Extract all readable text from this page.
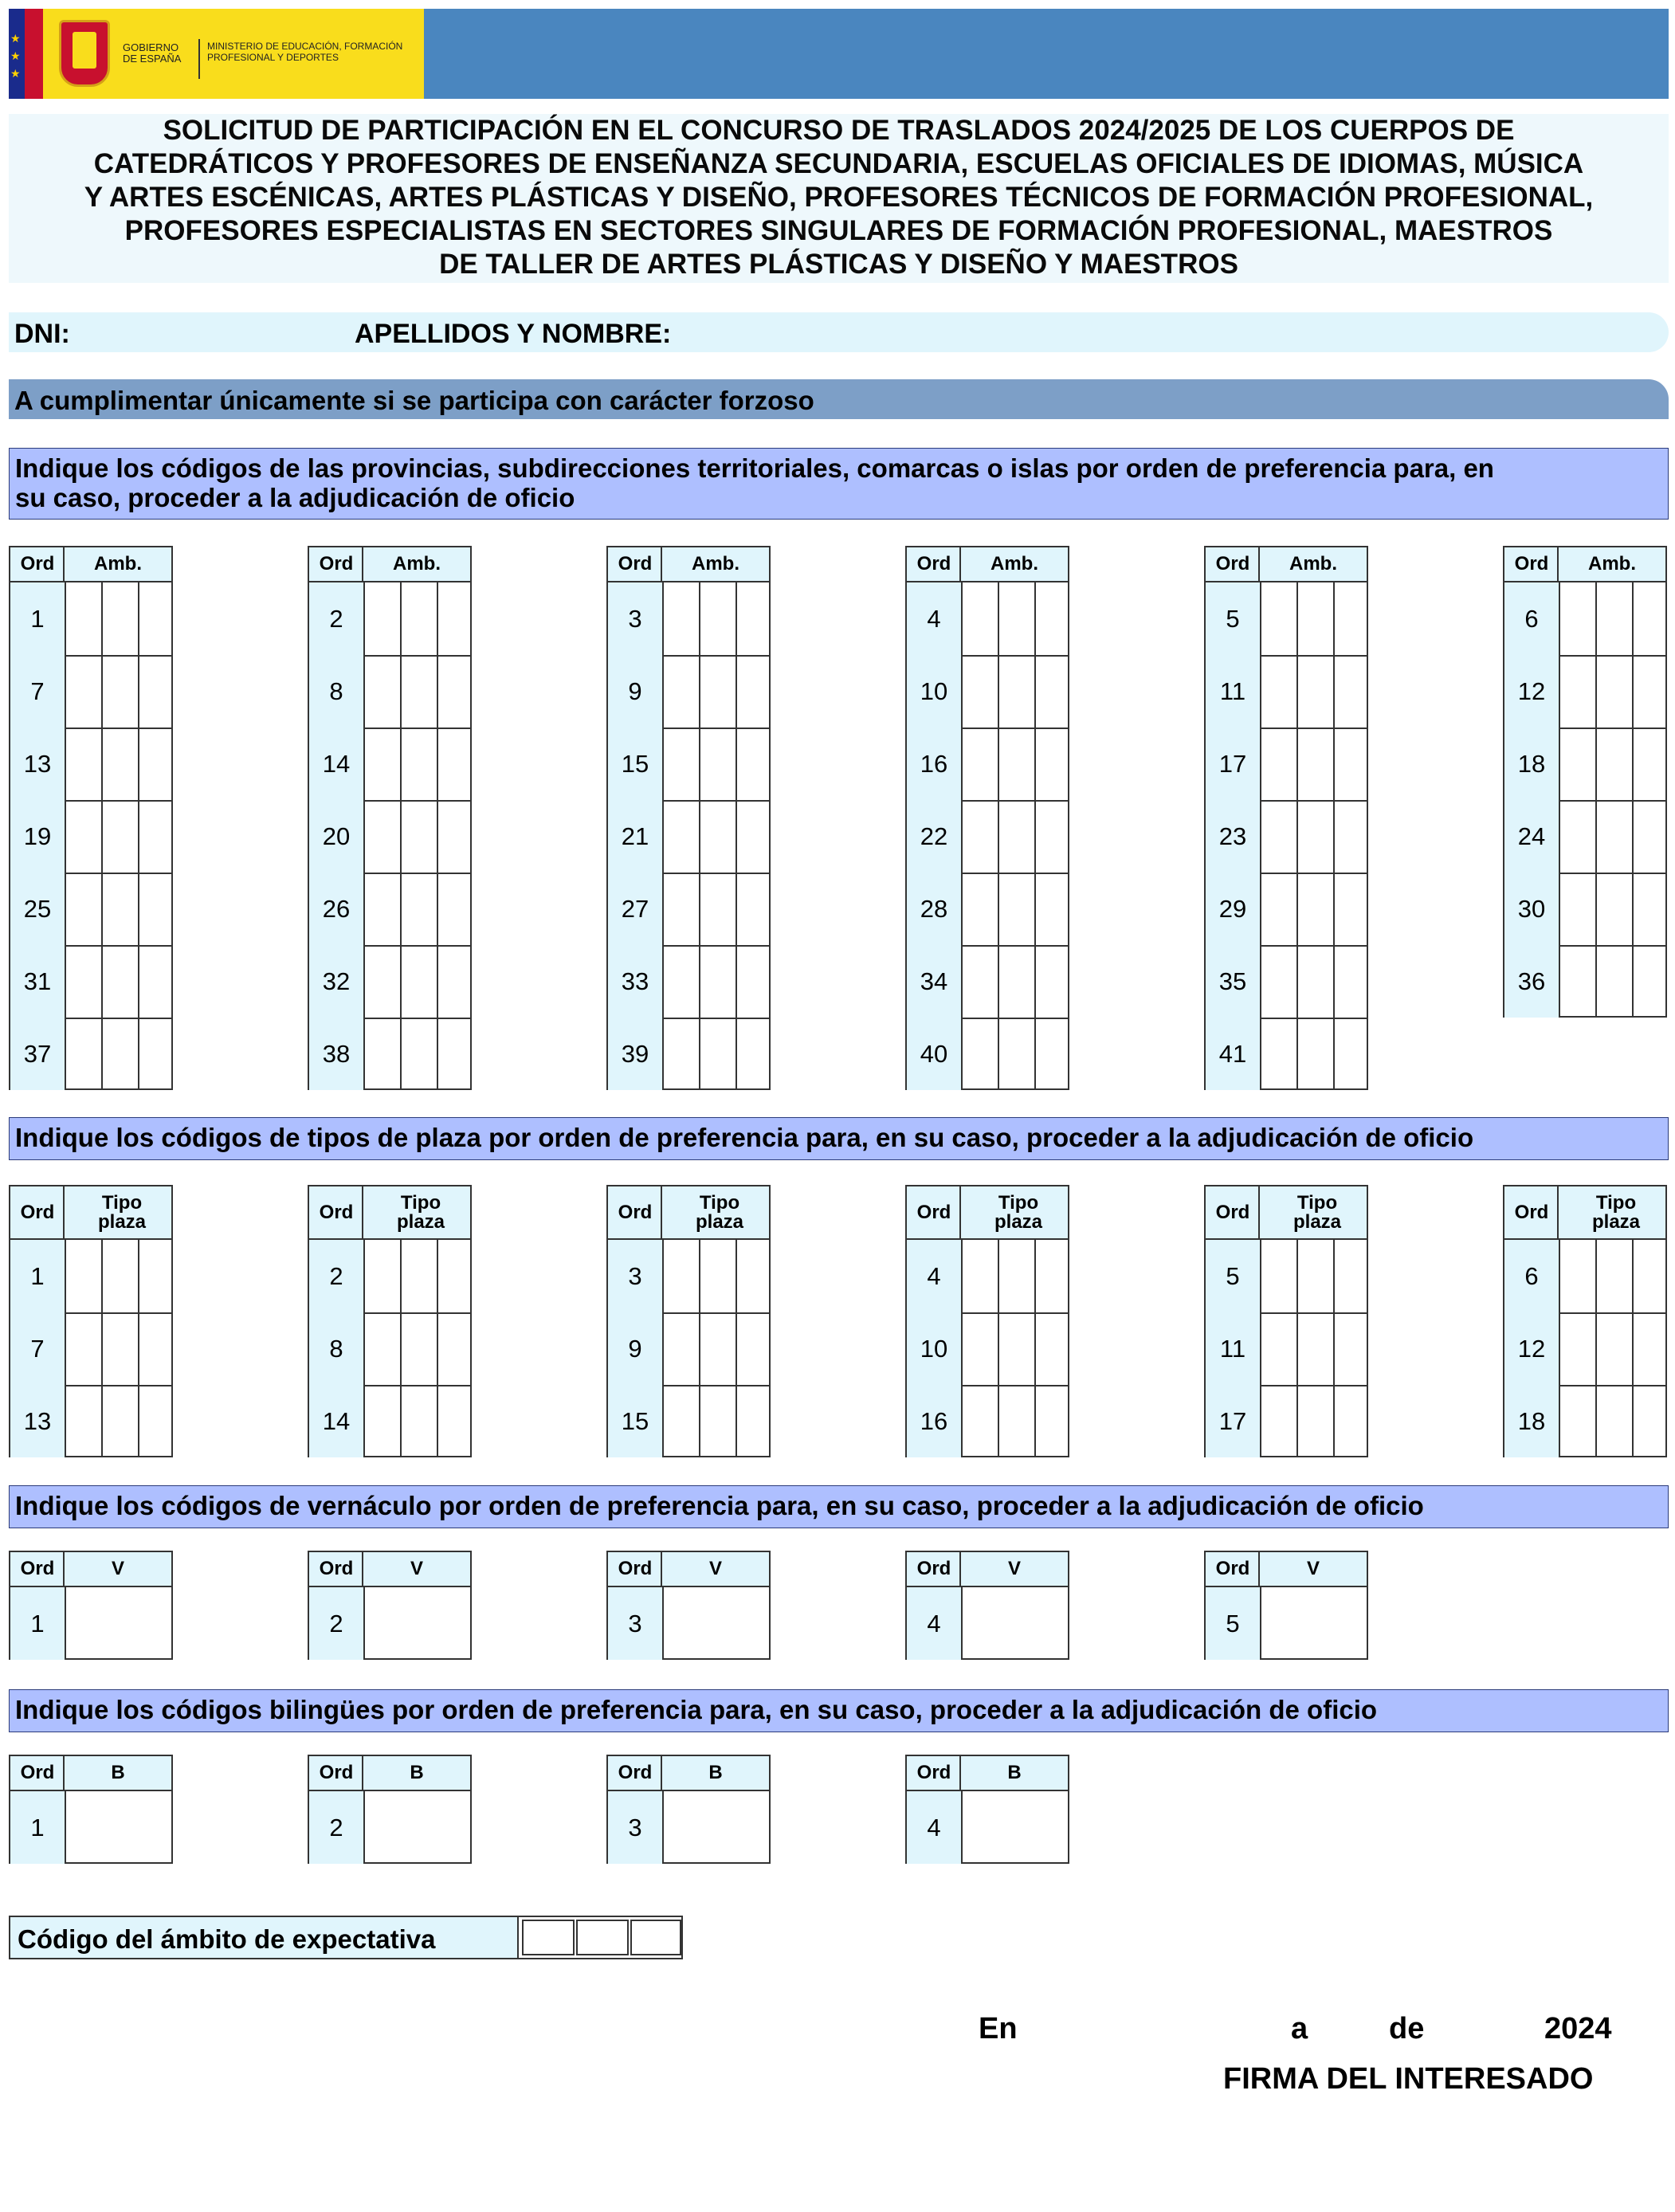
★
★
★
GOBIERNO DE ESPAÑA
MINISTERIO DE EDUCACIÓN, FORMACIÓN PROFESIONAL Y DEPORTES
SOLICITUD DE PARTICIPACIÓN EN EL CONCURSO DE TRASLADOS 2024/2025 DE LOS CUERPOS DE
CATEDRÁTICOS Y PROFESORES DE ENSEÑANZA SECUNDARIA, ESCUELAS OFICIALES DE IDIOMAS, MÚSICA
Y ARTES ESCÉNICAS, ARTES PLÁSTICAS Y DISEÑO, PROFESORES TÉCNICOS DE FORMACIÓN PROFESIONAL,
PROFESORES ESPECIALISTAS EN SECTORES SINGULARES DE FORMACIÓN PROFESIONAL, MAESTROS
DE TALLER DE ARTES PLÁSTICAS Y DISEÑO Y MAESTROS
DNI:	APELLIDOS Y NOMBRE:
A cumplimentar únicamente si se participa con carácter forzoso
Indique los códigos de las provincias, subdirecciones territoriales, comarcas o islas por orden de preferencia para, en
su caso, proceder a la adjudicación de oficio
Indique los códigos de tipos de plaza por orden de preferencia para, en su caso, proceder a la adjudicación de oficio
Indique los códigos de vernáculo por orden de preferencia para, en su caso, proceder a la adjudicación de oficio
Indique los códigos bilingües por orden de preferencia para, en su caso, proceder a la adjudicación de oficio
Ord	Amb.
1
7
13
19
25
31
37
Ord	Amb.
2
8
14
20
26
32
38
Ord	Amb.
3
9
15
21
27
33
39
Ord	Amb.
4
10
16
22
28
34
40
Ord	Amb.
5
11
17
23
29
35
41
Ord	Amb.
6
12
18
24
30
36
Ord	Tipo plaza
1
7
13
Ord	Tipo plaza
2
8
14
Ord	Tipo plaza
3
9
15
Ord	Tipo plaza
4
10
16
Ord	Tipo plaza
5
11
17
Ord	Tipo plaza
6
12
18
Ord	V
1
Ord	V
2
Ord	V
3
Ord	V
4
Ord	V
5
Ord	B
1
Ord	B
2
Ord	B
3
Ord	B
4
Código del ámbito de expectativa
En	a	de	2024
FIRMA DEL INTERESADO
